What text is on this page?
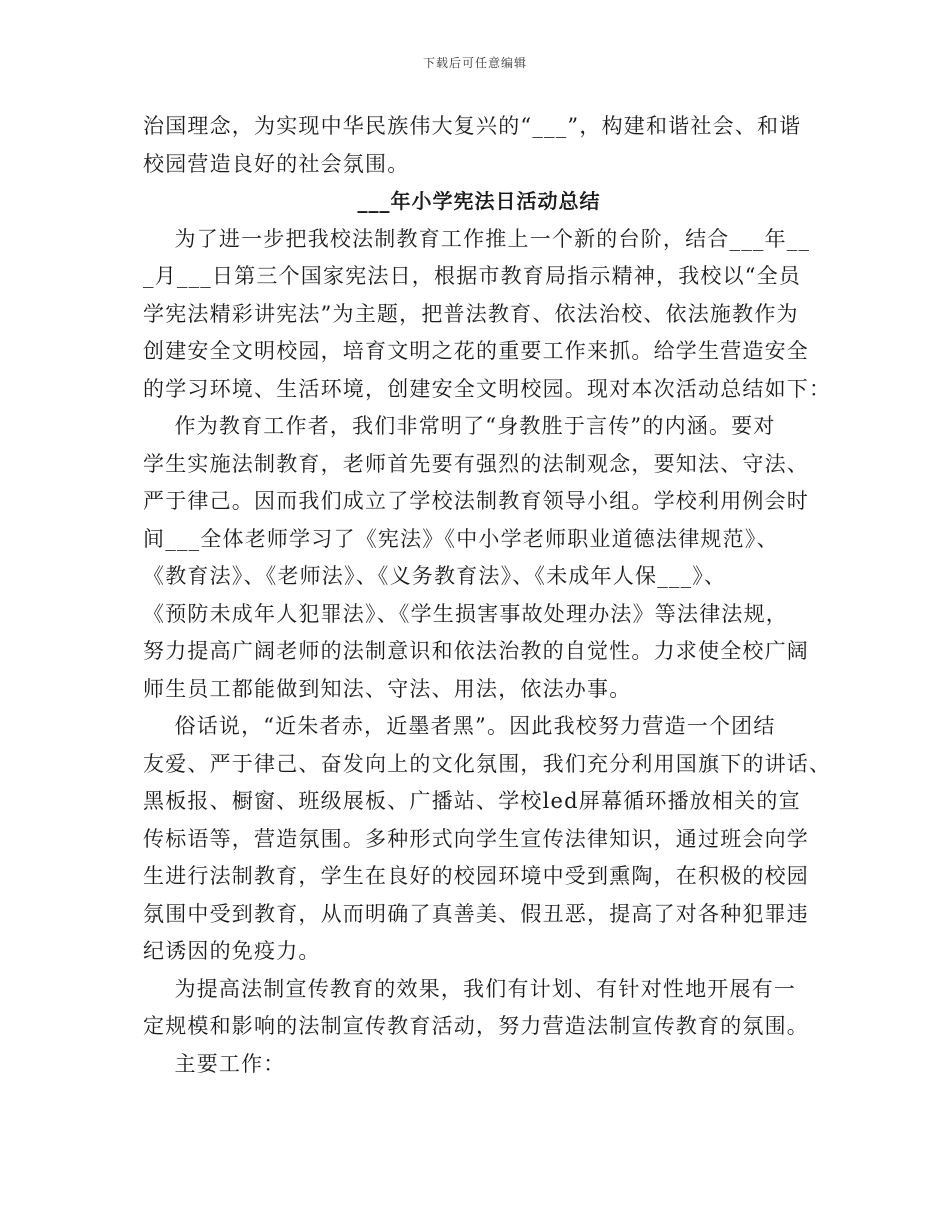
下载后可任意编辑
治国理念，为实现中华民族伟大复兴的“___”，构建和谐社会、和谐
校园营造良好的社会氛围。
___年小学宪法日活动总结
为了进一步把我校法制教育工作推上一个新的台阶，结合___年__
_月___日第三个国家宪法日，根据市教育局指示精神，我校以“全员
学宪法精彩讲宪法”为主题，把普法教育、依法治校、依法施教作为
创建安全文明校园，培育文明之花的重要工作来抓。给学生营造安全
的学习环境、生活环境，创建安全文明校园。现对本次活动总结如下：
作为教育工作者，我们非常明了“身教胜于言传”的内涵。要对
学生实施法制教育，老师首先要有强烈的法制观念，要知法、守法、
严于律己。因而我们成立了学校法制教育领导小组。学校利用例会时
间___全体老师学习了《宪法》《中小学老师职业道德法律规范》、
《教育法》、《老师法》、《义务教育法》、《未成年人保___》、
《预防未成年人犯罪法》、《学生损害事故处理办法》等法律法规，
努力提高广阔老师的法制意识和依法治教的自觉性。力求使全校广阔
师生员工都能做到知法、守法、用法，依法办事。
俗话说，“近朱者赤，近墨者黑”。因此我校努力营造一个团结
友爱、严于律己、奋发向上的文化氛围，我们充分利用国旗下的讲话、
黑板报、橱窗、班级展板、广播站、学校led屏幕循环播放相关的宣
传标语等，营造氛围。多种形式向学生宣传法律知识，通过班会向学
生进行法制教育，学生在良好的校园环境中受到熏陶，在积极的校园
氛围中受到教育，从而明确了真善美、假丑恶，提高了对各种犯罪违
纪诱因的免疫力。
为提高法制宣传教育的效果，我们有计划、有针对性地开展有一
定规模和影响的法制宣传教育活动，努力营造法制宣传教育的氛围。
主要工作：
